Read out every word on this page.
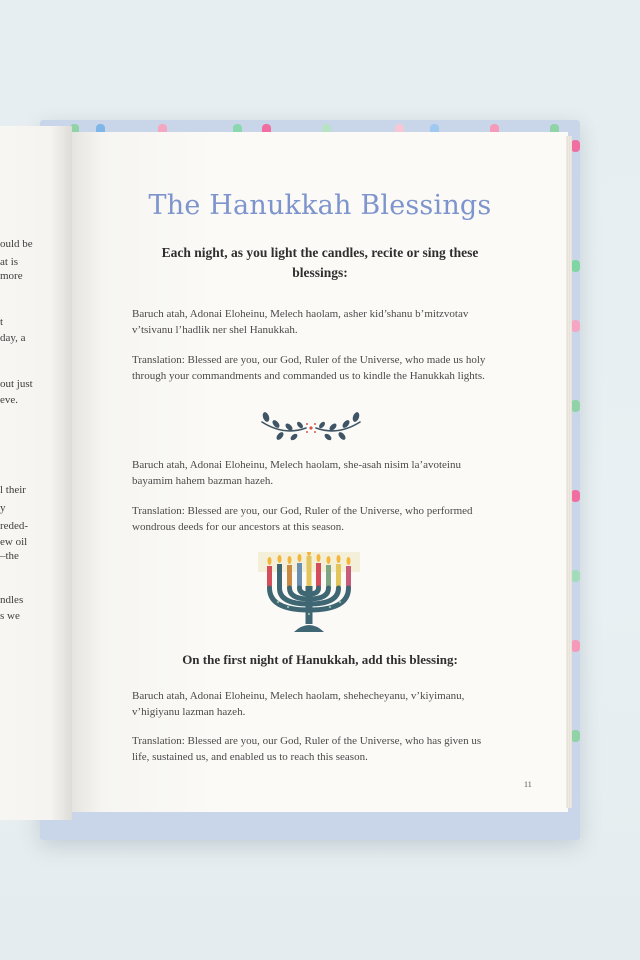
ould be
at is
more
t
day, a
out just
eve.
l their
y
reded-
ew oil
–the
ndles
s we
The Hanukkah Blessings
Each night, as you light the candles, recite or sing these blessings:
Baruch atah, Adonai Eloheinu, Melech haolam, asher kid’shanu b’mitzvotav v’tsivanu l’hadlik ner shel Hanukkah.
Translation: Blessed are you, our God, Ruler of the Universe, who made us holy through your commandments and commanded us to kindle the Hanukkah lights.
Baruch atah, Adonai Eloheinu, Melech haolam, she-asah nisim la’avoteinu bayamim hahem bazman hazeh.
Translation: Blessed are you, our God, Ruler of the Universe, who performed wondrous deeds for our ancestors at this season.
On the first night of Hanukkah, add this blessing:
Baruch atah, Adonai Eloheinu, Melech haolam, shehecheyanu, v’kiyimanu, v’higiyanu lazman hazeh.
Translation: Blessed are you, our God, Ruler of the Universe, who has given us life, sustained us, and enabled us to reach this season.
11
